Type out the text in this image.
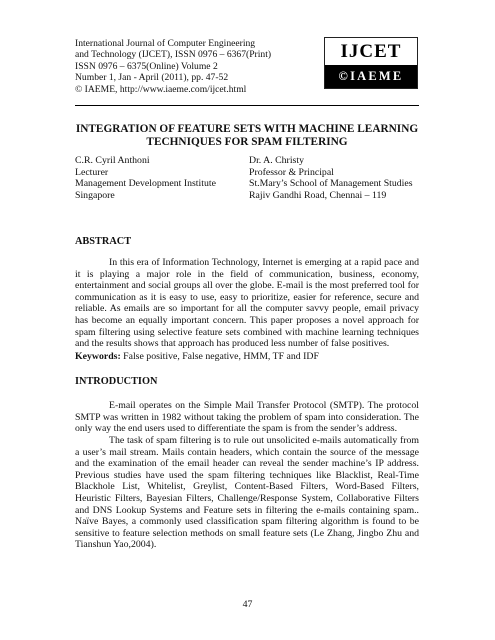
International Journal of Computer Engineering
and Technology (IJCET), ISSN 0976 – 6367(Print)
ISSN 0976 – 6375(Online) Volume 2
Number 1, Jan - April (2011), pp. 47-52
© IAEME, http://www.iaeme.com/ijcet.html
IJCET
©IAEME
INTEGRATION OF FEATURE SETS WITH MACHINE LEARNING TECHNIQUES FOR SPAM FILTERING
C.R. Cyril Anthoni
Lecturer
Management Development Institute
Singapore
Dr. A. Christy
Professor & Principal
St.Mary’s School of Management Studies
Rajiv Gandhi Road, Chennai – 119
ABSTRACT
In this era of Information Technology, Internet is emerging at a rapid pace and it is playing a major role in the field of communication, business, economy, entertainment and social groups all over the globe. E-mail is the most preferred tool for communication as it is easy to use, easy to prioritize, easier for reference, secure and reliable. As emails are so important for all the computer savvy people, email privacy has become an equally important concern. This paper proposes a novel approach for spam filtering using selective feature sets combined with machine learning techniques and the results shows that approach has produced less number of false positives.
Keywords: False positive, False negative, HMM, TF and IDF
INTRODUCTION
E-mail operates on the Simple Mail Transfer Protocol (SMTP). The protocol SMTP was written in 1982 without taking the problem of spam into consideration. The only way the end users used to differentiate the spam is from the sender’s address.
The task of spam filtering is to rule out unsolicited e-mails automatically from a user’s mail stream. Mails contain headers, which contain the source of the message and the examination of the email header can reveal the sender machine’s IP address. Previous studies have used the spam filtering techniques like Blacklist, Real-Time Blackhole List, Whitelist, Greylist, Content-Based Filters, Word-Based Filters, Heuristic Filters, Bayesian Filters, Challenge/Response System, Collaborative Filters and DNS Lookup Systems and Feature sets in filtering the e-mails containing spam.. Naïve Bayes, a commonly used classification spam filtering algorithm is found to be sensitive to feature selection methods on small feature sets (Le Zhang, Jingbo Zhu and Tianshun Yao,2004).
47
